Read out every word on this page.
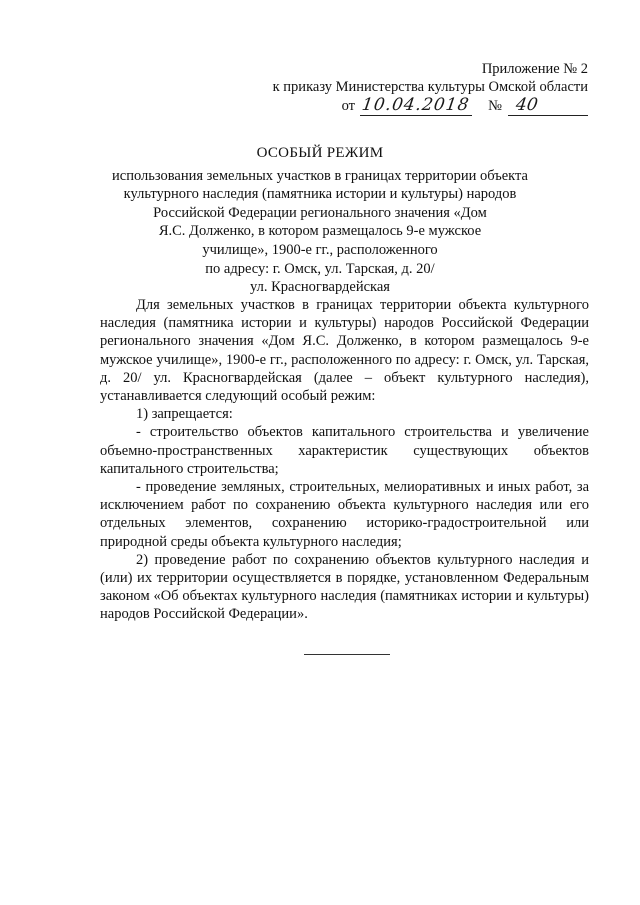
Приложение № 2
к приказу Министерства культуры Омской области
от 10.04.2018 № 40
ОСОБЫЙ РЕЖИМ
использования земельных участков в границах территории объекта
культурного наследия (памятника истории и культуры) народов
Российской Федерации регионального значения «Дом
Я.С. Долженко, в котором размещалось 9-е мужское
училище», 1900-е гг., расположенного
по адресу: г. Омск, ул. Тарская, д. 20/
ул. Красногвардейская

Для земельных участков в границах территории объекта культурного наследия (памятника истории и культуры) народов Российской Федерации регионального значения «Дом Я.С. Долженко, в котором размещалось 9-е мужское училище», 1900-е гг., расположенного по адресу: г. Омск, ул. Тарская, д. 20/ ул. Красногвардейская (далее – объект культурного наследия), устанавливается следующий особый режим:

1) запрещается:

- строительство объектов капитального строительства и увеличение объемно-пространственных характеристик существующих объектов капитального строительства;

- проведение земляных, строительных, мелиоративных и иных работ, за исключением работ по сохранению объекта культурного наследия или его отдельных элементов, сохранению историко-градостроительной или природной среды объекта культурного наследия;

2) проведение работ по сохранению объектов культурного наследия и (или) их территории осуществляется в порядке, установленном Федеральным законом «Об объектах культурного наследия (памятниках истории и культуры) народов Российской Федерации».
